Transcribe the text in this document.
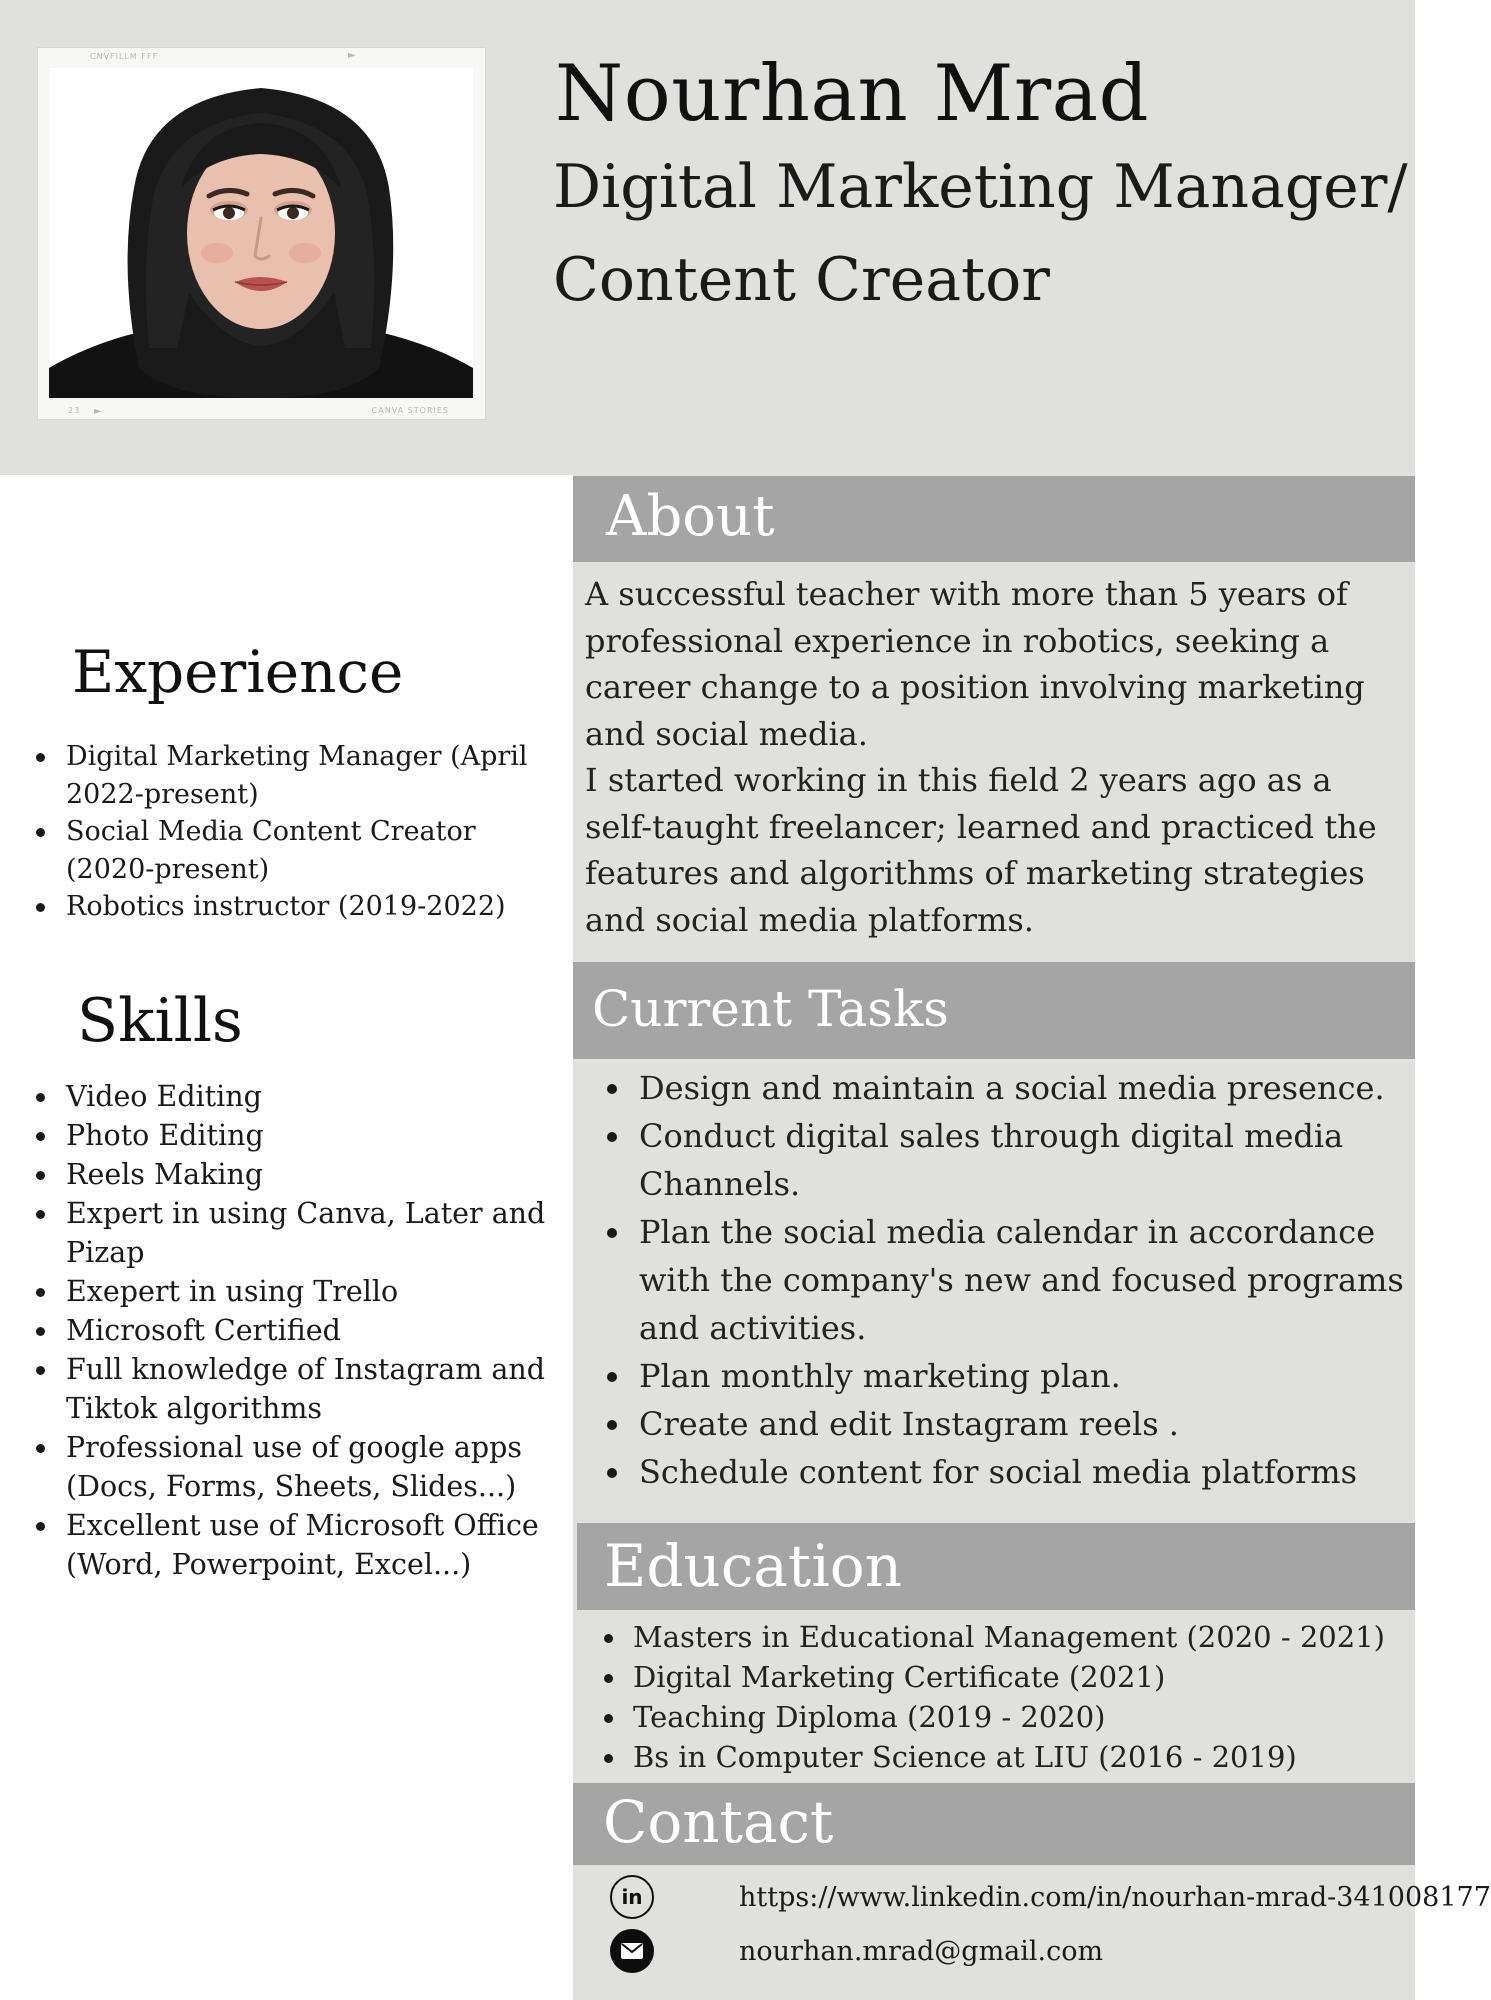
CNVFILLM FFF	►
23 ►	CANVA STORIES
Nourhan Mrad
Digital Marketing Manager/
Content Creator
About
A successful teacher with more than 5 years of professional experience in robotics, seeking a career change to a position involving marketing and social media.
I started working in this field 2 years ago as a self-taught freelancer; learned and practiced the features and algorithms of marketing strategies and social media platforms.
Current Tasks
Design and maintain a social media presence.
Conduct digital sales through digital media Channels.
Plan the social media calendar in accordance with the company's new and focused programs and activities.
Plan monthly marketing plan.
Create and edit Instagram reels .
Schedule content for social media platforms
Education
Masters in Educational Management (2020 - 2021)
Digital Marketing Certificate (2021)
Teaching Diploma (2019 - 2020)
Bs in Computer Science at LIU (2016 - 2019)
Contact
in	https://www.linkedin.com/in/nourhan-mrad-341008177
nourhan.mrad@gmail.com
Experience
Digital Marketing Manager (April 2022-present)
Social Media Content Creator (2020-present)
Robotics instructor (2019-2022)
Skills
Video Editing
Photo Editing
Reels Making
Expert in using Canva, Later and Pizap
Exepert in using Trello
Microsoft Certified
Full knowledge of Instagram and Tiktok algorithms
Professional use of google apps (Docs, Forms, Sheets, Slides...)
Excellent use of Microsoft Office (Word, Powerpoint, Excel...)
